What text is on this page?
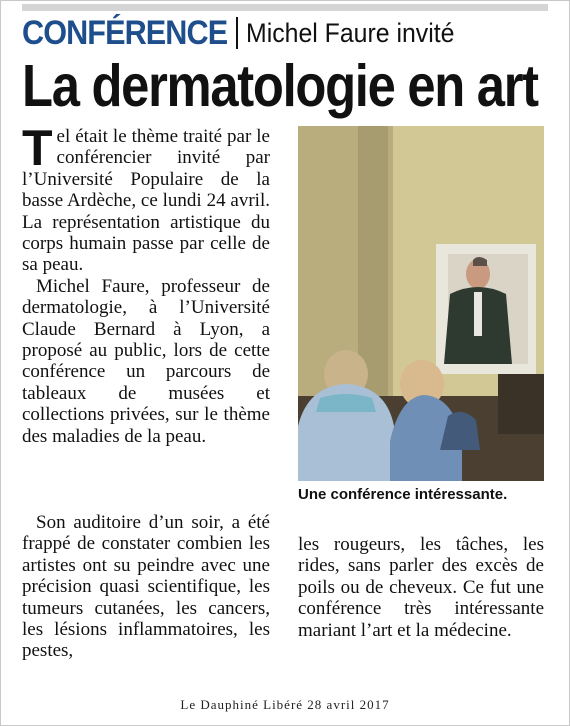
CONFÉRENCE Michel Faure invité
La dermatologie en art

Tel était le thème traité par le conférencier invité par l’Université Populaire de la basse Ardèche, ce lundi 24 avril. La représentation artistique du corps humain passe par celle de sa peau.

Michel Faure, professeur de dermatologie, à l’Université Claude Bernard à Lyon, a proposé au public, lors de cette conférence un parcours de tableaux de musées et collections privées, sur le thème des maladies de la peau.

Son auditoire d’un soir, a été frappé de constater combien les artistes ont su peindre avec une précision quasi scientifique, les tumeurs cutanées, les cancers, les lésions inflammatoires, les pestes,

Une conférence intéressante.

les rougeurs, les tâches, les rides, sans parler des excès de poils ou de cheveux. Ce fut une conférence très intéressante mariant l’art et la médecine.

Le Dauphiné Libéré 28 avril 2017
